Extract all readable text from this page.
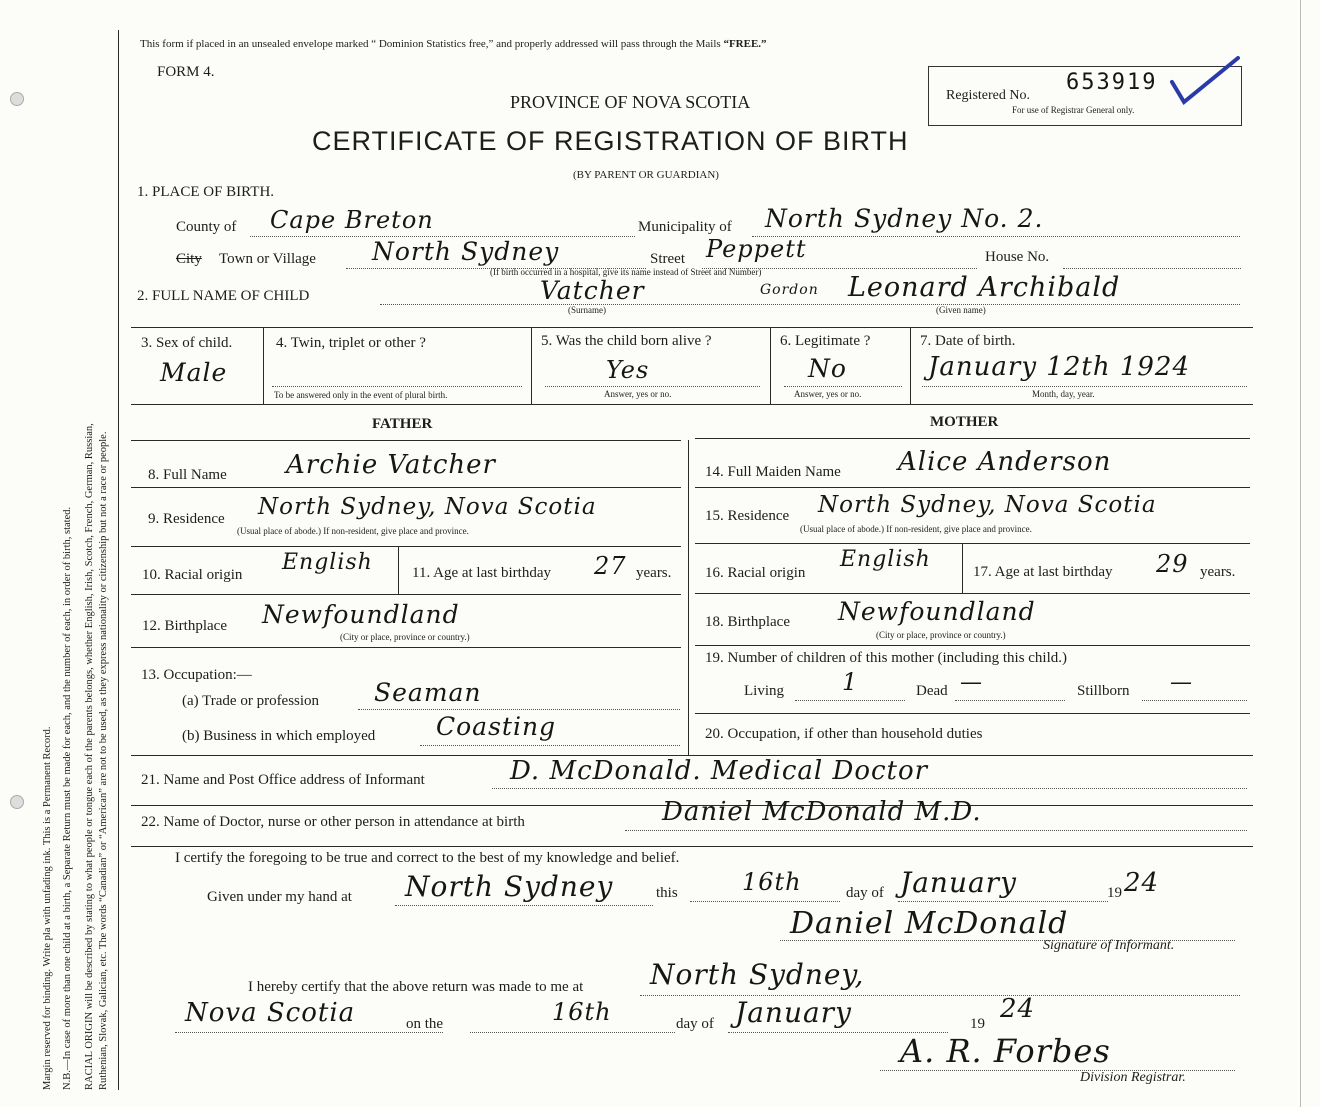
Margin reserved for binding. Write pla with unfading ink. This is a Permanent Record. N.B.—In case of more than one child at a birth, a Separate Return must be made for each, and the number of each, in order of birth, stated. RACIAL ORIGIN will be described by stating to what people or tongue each of the parents belongs, whether English, Irish, Scotch, French, German, Russian, Ruthenian, Slovak, Galician, etc. The words “Canadian” or “American” are not to be used, as they express nationality or citizenship but not a race or people.
This form if placed in an unsealed envelope marked “ Dominion Statistics free,” and properly addressed will pass through the Mails “FREE.”
FORM 4.
PROVINCE OF NOVA SCOTIA
CERTIFICATE OF REGISTRATION OF BIRTH
(BY PARENT OR GUARDIAN)
Registered No.
653919
For use of Registrar General only.
1. PLACE OF BIRTH.
County of Cape Breton	Municipality of North Sydney No. 2.
City Town or Village North Sydney	Street Peppett	House No.
(If birth occurred in a hospital, give its name instead of Street and Number)
2. FULL NAME OF CHILD	Vatcher	Gordon Leonard Archibald
(Surname)	(Given name)
3. Sex of child.
Male
4. Twin, triplet or other ?
To be answered only in the event of plural birth.
5. Was the child born alive ?
Yes
Answer, yes or no.
6. Legitimate ?
No
Answer, yes or no.
7. Date of birth.
January 12th 1924
Month, day, year.
FATHER	MOTHER
8. Full Name Archie Vatcher
9. Residence North Sydney, Nova Scotia
(Usual place of abode.) If non-resident, give place and province.
10. Racial origin English	11. Age at last birthday 27 years.
12. Birthplace Newfoundland
(City or place, province or country.)
13. Occupation:—
(a) Trade or profession Seaman
(b) Business in which employed Coasting
14. Full Maiden Name Alice Anderson
15. Residence North Sydney, Nova Scotia
(Usual place of abode.) If non-resident, give place and province.
16. Racial origin
English	17. Age at last birthday 29 years.
18. Birthplace Newfoundland
(City or place, province or country.)
19. Number of children of this mother (including this child.)
Living 1	Dead —	Stillborn —
20. Occupation, if other than household duties
21. Name and Post Office address of Informant	D. McDonald. Medical Doctor
22. Name of Doctor, nurse or other person in attendance at birth	Daniel McDonald M.D.
I certify the foregoing to be true and correct to the best of my knowledge and belief.
Given under my hand at North Sydney	this	16th	day of January	19 24
Daniel McDonald
Signature of Informant.
I hereby certify that the above return was made to me at North Sydney,
Nova Scotia	on the	16th	day of January	19 24
A. R. Forbes
Division Registrar.
